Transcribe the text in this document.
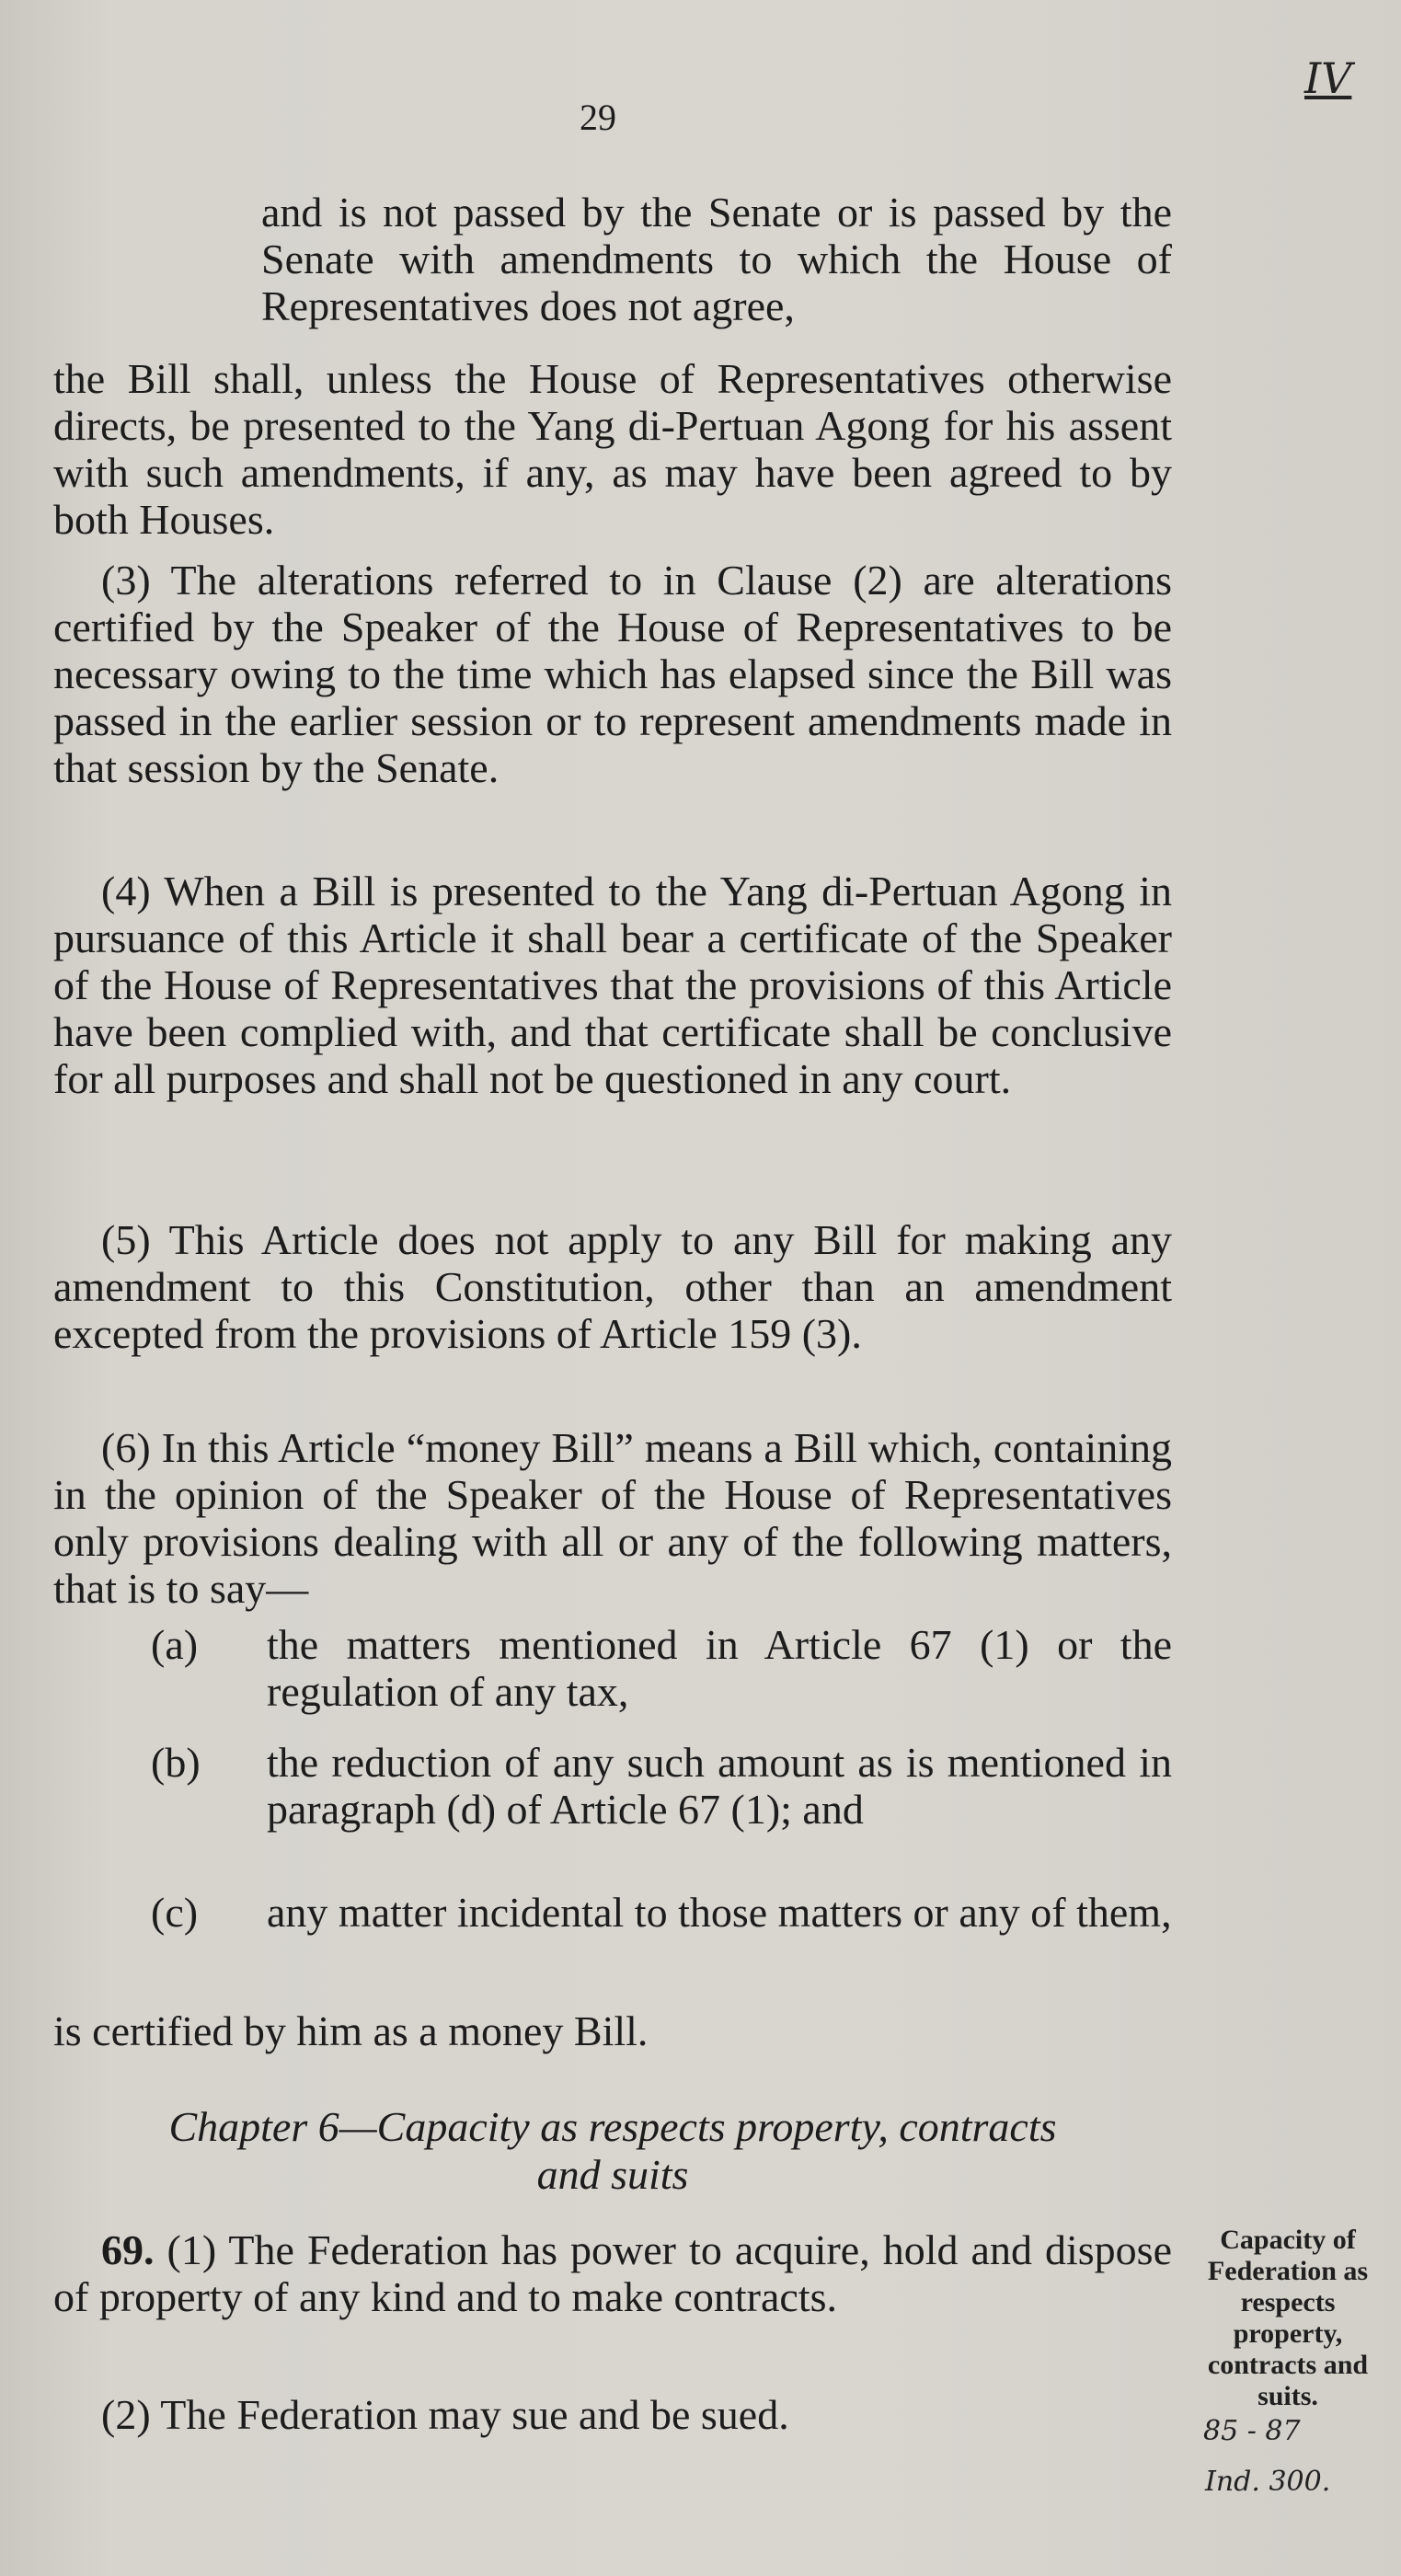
29
IV
and is not passed by the Senate or is passed by the Senate with amendments to which the House of Representatives does not agree,
the Bill shall, unless the House of Representatives otherwise directs, be presented to the Yang di-Pertuan Agong for his assent with such amendments, if any, as may have been agreed to by both Houses.
(3) The alterations referred to in Clause (2) are alterations certified by the Speaker of the House of Representatives to be necessary owing to the time which has elapsed since the Bill was passed in the earlier session or to represent amendments made in that session by the Senate.
(4) When a Bill is presented to the Yang di-Pertuan Agong in pursuance of this Article it shall bear a certificate of the Speaker of the House of Representatives that the provisions of this Article have been complied with, and that certificate shall be conclusive for all purposes and shall not be questioned in any court.
(5) This Article does not apply to any Bill for making any amendment to this Constitution, other than an amendment excepted from the provisions of Article 159 (3).
(6) In this Article “money Bill” means a Bill which, containing in the opinion of the Speaker of the House of Representatives only provisions dealing with all or any of the following matters, that is to say—
(a) the matters mentioned in Article 67 (1) or the regulation of any tax,
(b) the reduction of any such amount as is mentioned in paragraph (d) of Article 67 (1); and
(c) any matter incidental to those matters or any of them,
is certified by him as a money Bill.
Chapter 6—Capacity as respects property, contracts
and suits
69. (1) The Federation has power to acquire, hold and dispose of property of any kind and to make contracts.
(2) The Federation may sue and be sued.
Capacity of Federation as respects property, contracts and suits.
85 - 87
Ind. 300.
